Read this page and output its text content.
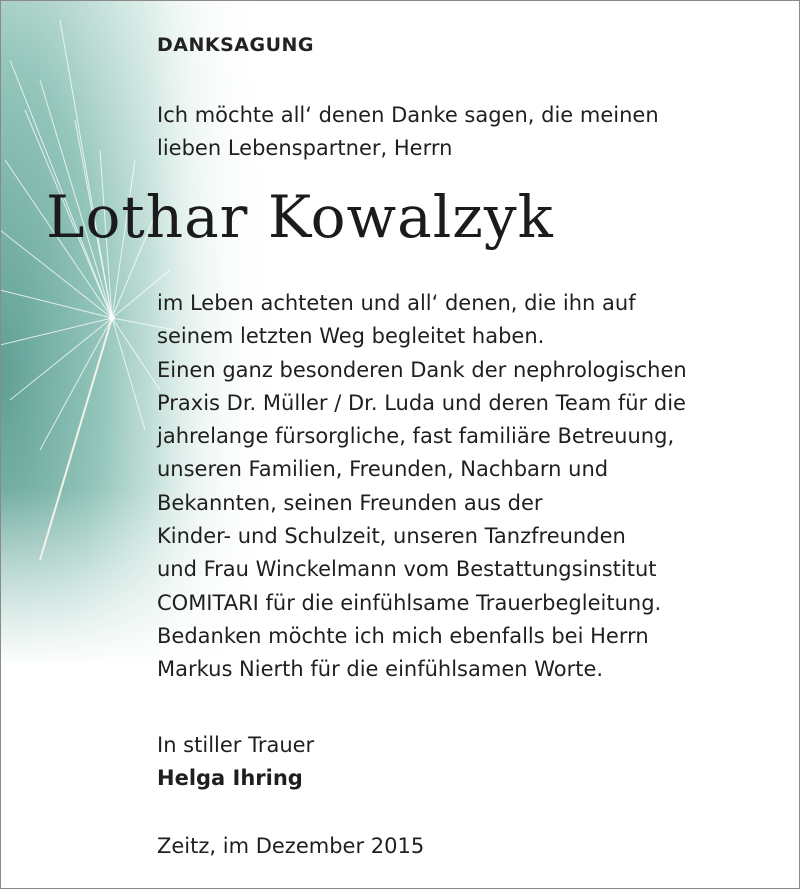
DANKSAGUNG

Ich möchte all‘ denen Danke sagen, die meinen
lieben Lebenspartner, Herrn

Lothar Kowalzyk

im Leben achteten und all‘ denen, die ihn auf
seinem letzten Weg begleitet haben.
Einen ganz besonderen Dank der nephrologischen
Praxis Dr. Müller / Dr. Luda und deren Team für die
jahrelange fürsorgliche, fast familiäre Betreuung,
unseren Familien, Freunden, Nachbarn und
Bekannten, seinen Freunden aus der
Kinder- und Schulzeit, unseren Tanzfreunden
und Frau Winckelmann vom Bestattungsinstitut
COMITARI für die einfühlsame Trauerbegleitung.
Bedanken möchte ich mich ebenfalls bei Herrn
Markus Nierth für die einfühlsamen Worte.

In stiller Trauer

Helga Ihring

Zeitz, im Dezember 2015
